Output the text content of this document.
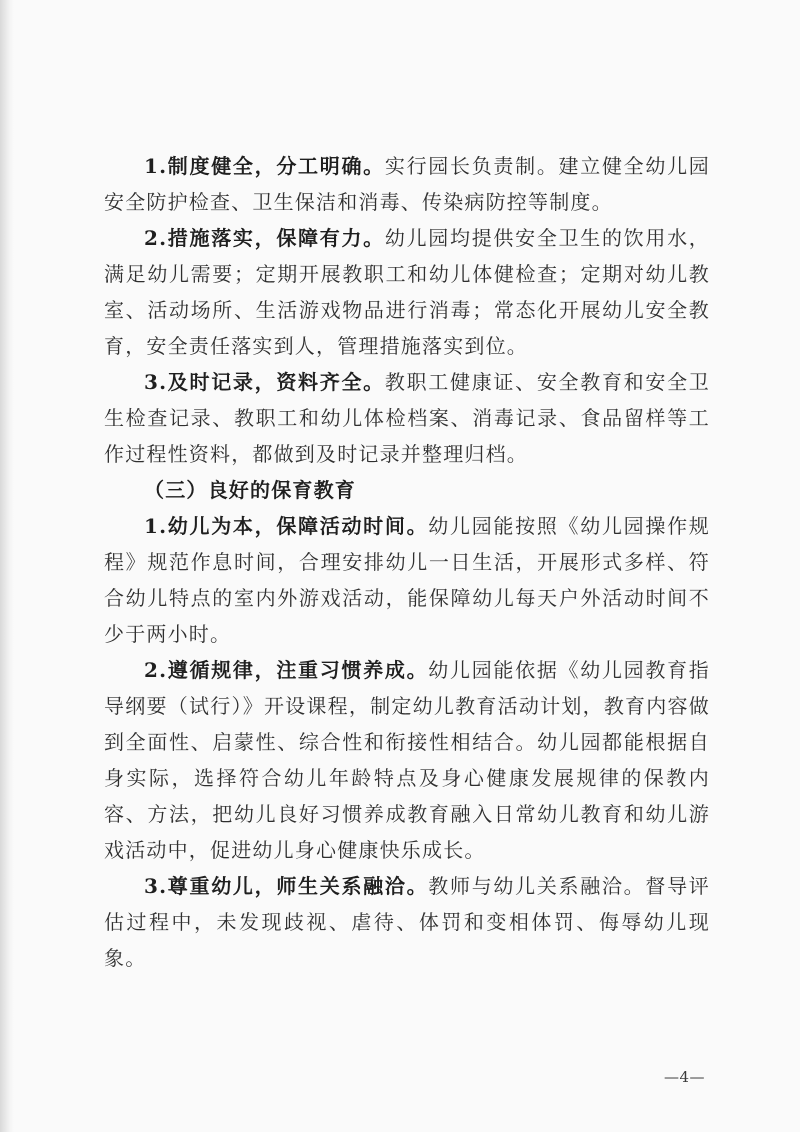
1.制度健全，分工明确。实行园长负责制。建立健全幼儿园安全防护检查、卫生保洁和消毒、传染病防控等制度。

2.措施落实，保障有力。幼儿园均提供安全卫生的饮用水，满足幼儿需要；定期开展教职工和幼儿体健检查；定期对幼儿教室、活动场所、生活游戏物品进行消毒；常态化开展幼儿安全教育，安全责任落实到人，管理措施落实到位。

3.及时记录，资料齐全。教职工健康证、安全教育和安全卫生检查记录、教职工和幼儿体检档案、消毒记录、食品留样等工作过程性资料，都做到及时记录并整理归档。

（三）良好的保育教育

1.幼儿为本，保障活动时间。幼儿园能按照《幼儿园操作规程》规范作息时间，合理安排幼儿一日生活，开展形式多样、符合幼儿特点的室内外游戏活动，能保障幼儿每天户外活动时间不少于两小时。

2.遵循规律，注重习惯养成。幼儿园能依据《幼儿园教育指导纲要（试行）》开设课程，制定幼儿教育活动计划，教育内容做到全面性、启蒙性、综合性和衔接性相结合。幼儿园都能根据自身实际，选择符合幼儿年龄特点及身心健康发展规律的保教内容、方法，把幼儿良好习惯养成教育融入日常幼儿教育和幼儿游戏活动中，促进幼儿身心健康快乐成长。

3.尊重幼儿，师生关系融洽。教师与幼儿关系融洽。督导评估过程中，未发现歧视、虐待、体罚和变相体罚、侮辱幼儿现象。

—4—
